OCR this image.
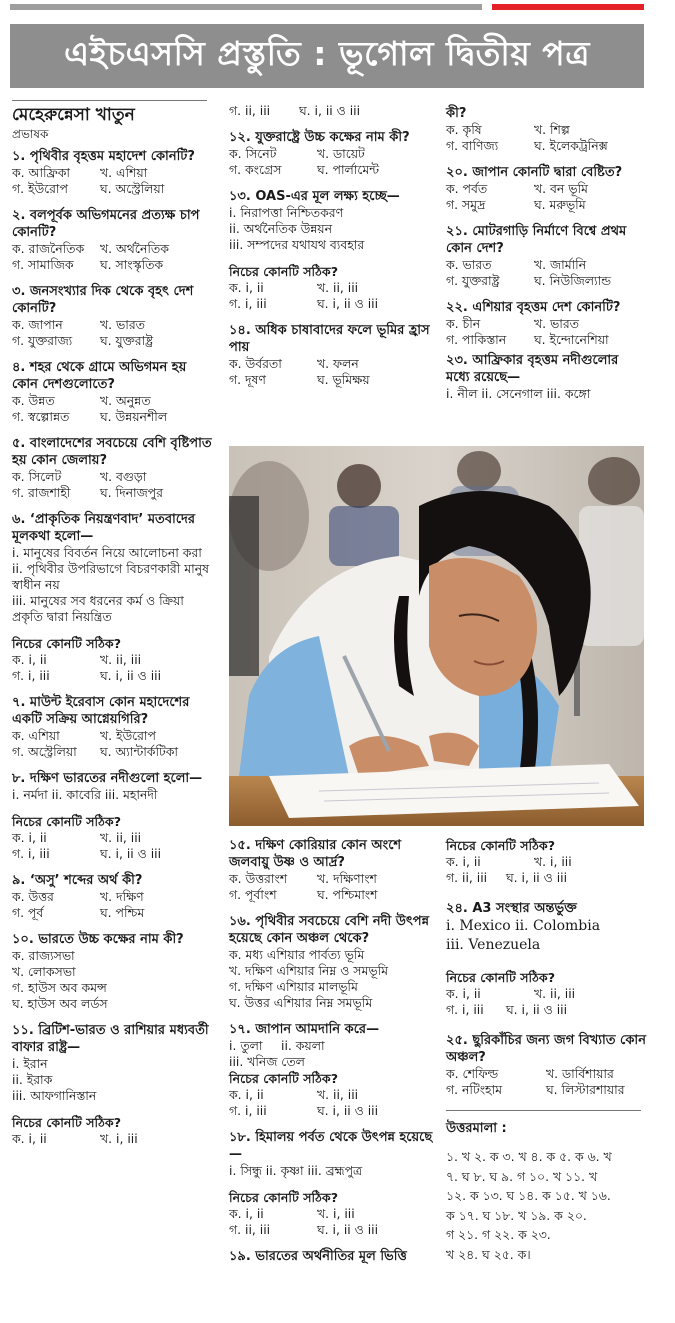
এইচএসসি প্রস্তুতি : ভূগোল দ্বিতীয় পত্র
মেহেরুন্নেসা খাতুন
প্রভাষক
১. পৃথিবীর বৃহত্তম মহাদেশ কোনটি?
ক. আফ্রিকা	খ. এশিয়া
গ. ইউরোপ	ঘ. অস্ট্রেলিয়া
২. বলপূর্বক অভিগমনের প্রত্যক্ষ চাপ কোনটি?
ক. রাজনৈতিক	খ. অর্থনৈতিক
গ. সামাজিক	ঘ. সাংস্কৃতিক
৩. জনসংখ্যার দিক থেকে বৃহৎ দেশ কোনটি?
ক. জাপান	খ. ভারত
গ. যুক্তরাজ্য	ঘ. যুক্তরাষ্ট্র
৪. শহর থেকে গ্রামে অভিগমন হয় কোন দেশগুলোতে?
ক. উন্নত	খ. অনুন্নত
গ. স্বল্পোন্নত	ঘ. উন্নয়নশীল
৫. বাংলাদেশের সবচেয়ে বেশি বৃষ্টিপাত হয় কোন জেলায়?
ক. সিলেট	খ. বগুড়া
গ. রাজশাহী	ঘ. দিনাজপুর
৬. ‘প্রাকৃতিক নিয়ন্ত্রণবাদ’ মতবাদের মূলকথা হলো—
i. মানুষের বিবর্তন নিয়ে আলোচনা করা
ii. পৃথিবীর উপরিভাগে বিচরণকারী মানুষ স্বাধীন নয়
iii. মানুষের সব ধরনের কর্ম ও ক্রিয়া প্রকৃতি দ্বারা নিয়ন্ত্রিত
নিচের কোনটি সঠিক?
ক. i, ii	খ. ii, iii
গ. i, iii	ঘ. i, ii ও iii
৭. মাউন্ট ইরেবাস কোন মহাদেশের একটি সক্রিয় আগ্নেয়গিরি?
ক. এশিয়া	খ. ইউরোপ
গ. অস্ট্রেলিয়া	ঘ. অ্যান্টার্কটিকা
৮. দক্ষিণ ভারতের নদীগুলো হলো—
i. নর্মদা ii. কাবেরি iii. মহানদী
নিচের কোনটি সঠিক?
ক. i, ii	খ. ii, iii
গ. i, iii	ঘ. i, ii ও iii
৯. ‘অসু’ শব্দের অর্থ কী?
ক. উত্তর	খ. দক্ষিণ
গ. পূর্ব	ঘ. পশ্চিম
১০. ভারতে উচ্চ কক্ষের নাম কী?
ক. রাজ্যসভা
খ. লোকসভা
গ. হাউস অব কমন্স
ঘ. হাউস অব লর্ডস
১১. ব্রিটিশ-ভারত ও রাশিয়ার মধ্যবর্তী বাফার রাষ্ট্র—
i. ইরান
ii. ইরাক
iii. আফগানিস্তান
নিচের কোনটি সঠিক?
ক. i, ii	খ. i, iii
গ. ii, iii	ঘ. i, ii ও iii
১২. যুক্তরাষ্ট্রে উচ্চ কক্ষের নাম কী?
ক. সিনেট	খ. ডায়েট
গ. কংগ্রেস	ঘ. পার্লামেন্ট
১৩. OAS-এর মূল লক্ষ্য হচ্ছে—
i. নিরাপত্তা নিশ্চিতকরণ
ii. অর্থনৈতিক উন্নয়ন
iii. সম্পদের যথাযথ ব্যবহার
নিচের কোনটি সঠিক?
ক. i, ii	খ. ii, iii
গ. i, iii	ঘ. i, ii ও iii
১৪. অধিক চাষাবাদের ফলে ভূমির হ্রাস পায়
ক. উর্বরতা	খ. ফলন
গ. দূষণ	ঘ. ভূমিক্ষয়
কী?
ক. কৃষি	খ. শিল্প
গ. বাণিজ্য	ঘ. ইলেকট্রনিক্স
২০. জাপান কোনটি দ্বারা বেষ্টিত?
ক. পর্বত	খ. বন ভূমি
গ. সমুদ্র	ঘ. মরুভূমি
২১. মোটরগাড়ি নির্মাণে বিশ্বে প্রথম কোন দেশ?
ক. ভারত	খ. জার্মানি
গ. যুক্তরাষ্ট্র	ঘ. নিউজিল্যান্ড
২২. এশিয়ার বৃহত্তম দেশ কোনটি?
ক. চীন	খ. ভারত
গ. পাকিস্তান	ঘ. ইন্দোনেশিয়া
২৩. আফ্রিকার বৃহত্তম নদীগুলোর মধ্যে রয়েছে—
i. নীল ii. সেনেগাল iii. কঙ্গো
১৫. দক্ষিণ কোরিয়ার কোন অংশে জলবায়ু উষ্ণ ও আর্দ্র?
ক. উত্তরাংশ	খ. দক্ষিণাংশ
গ. পূর্বাংশ	ঘ. পশ্চিমাংশ
১৬. পৃথিবীর সবচেয়ে বেশি নদী উৎপন্ন হয়েছে কোন অঞ্চল থেকে?
ক. মধ্য এশিয়ার পার্বত্য ভূমি
খ. দক্ষিণ এশিয়ার নিম্ন ও সমভূমি
গ. দক্ষিণ এশিয়ার মালভূমি
ঘ. উত্তর এশিয়ার নিম্ন সমভূমি
১৭. জাপান আমদানি করে—
i. তুলা	ii. কয়লা
iii. খনিজ তেল
নিচের কোনটি সঠিক?
ক. i, ii	খ. ii, iii
গ. i, iii	ঘ. i, ii ও iii
১৮. হিমালয় পর্বত থেকে উৎপন্ন হয়েছে—
i. সিন্ধু ii. কৃষ্ণা iii. ব্রহ্মপুত্র
নিচের কোনটি সঠিক?
ক. i, ii	খ. i, iii
গ. ii, iii	ঘ. i, ii ও iii
১৯. ভারতের অর্থনীতির মূল ভিত্তি
নিচের কোনটি সঠিক?
ক. i, ii	খ. i, iii
গ. ii, iii	ঘ. i, ii ও iii
২৪. A3 সংস্থার অন্তর্ভুক্ত
i. Mexico ii. Colombia
iii. Venezuela
নিচের কোনটি সঠিক?
ক. i, ii	খ. ii, iii
গ. i, iii	ঘ. i, ii ও iii
২৫. ছুরিকাঁচির জন্য জগ বিখ্যাত কোন অঞ্চল?
ক. শেফিল্ড	খ. ডার্বিশায়ার
গ. নটিংহাম	ঘ. লিস্টারশায়ার
উত্তরমালা :
১. খ ২. ক ৩. খ ৪. ক ৫. ক ৬. খ
৭. ঘ ৮. ঘ ৯. গ ১০. খ ১১. খ
১২. ক ১৩. ঘ ১৪. ক ১৫. খ ১৬.
ক ১৭. ঘ ১৮. খ ১৯. ক ২০.
গ ২১. গ ২২. ক ২৩.
খ ২৪. ঘ ২৫. ক।
